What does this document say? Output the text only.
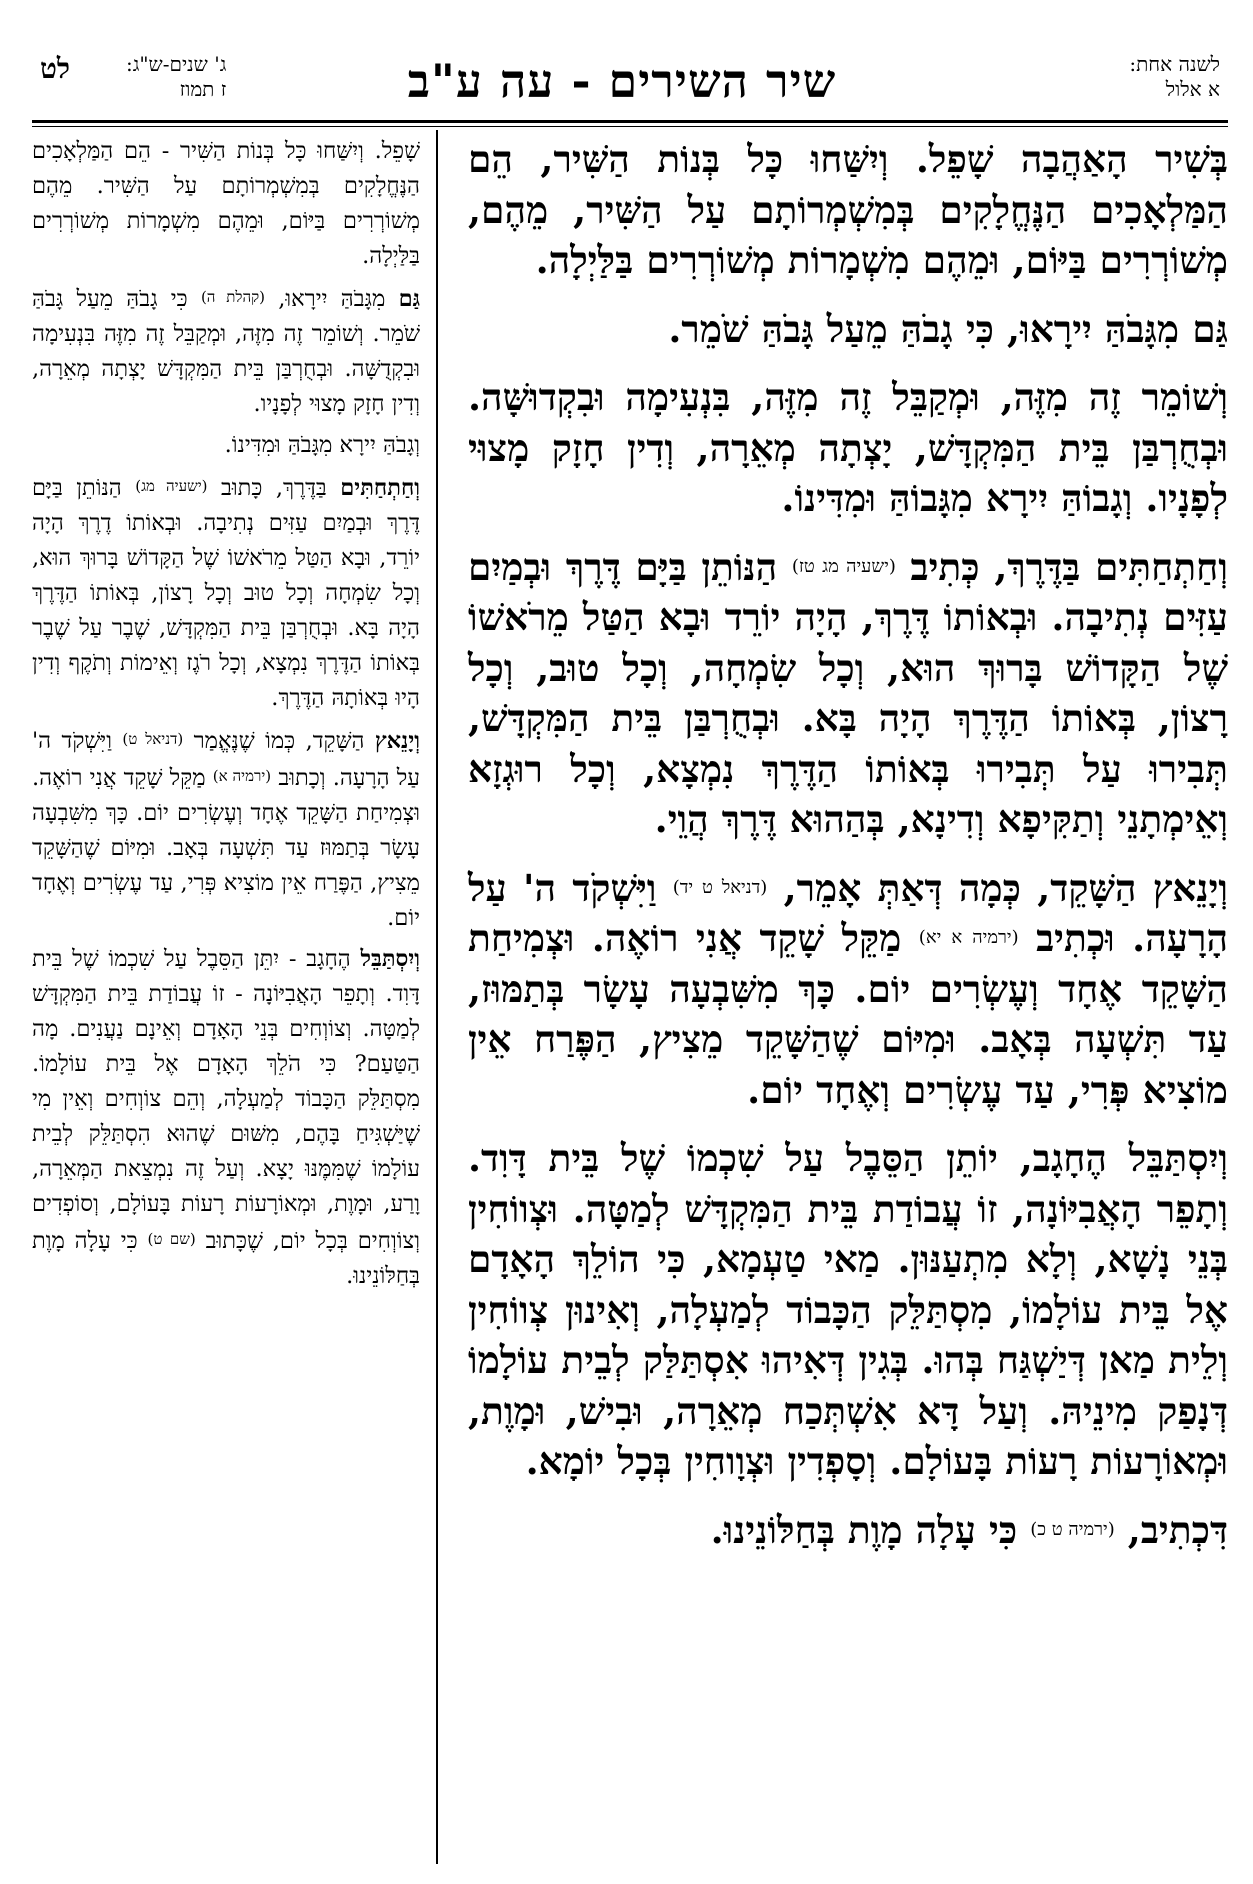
לשנה אחת:
א אלול
שיר השירים - עה ע"ב
ג' שנים-ש"ג:
ז תמוז
לט

בְּשִׁיר הָאַהֲבָה שָׁפֵל. וְיִשַּׁחוּ כָּל בְּנוֹת הַשִּׁיר, הֵם הַמַּלְאָכִים הַנֶּחֱלָקִים בְּמִשְׁמְרוֹתָם עַל הַשִּׁיר, מֵהֶם, מְשׁוֹרְרִים בַּיּוֹם, וּמֵהֶם מִשְׁמָרוֹת מְשׁוֹרְרִים בַּלַּיְלָה.

גַּם מִגָּבֹהַּ יִירָאוּ, כִּי גָבֹהַּ מֵעַל גָּבֹהַּ שֹׁמֵר.

וְשׁוֹמֵר זֶה מִזֶּה, וּמְקַבֵּל זֶה מִזֶּה, בִּנְעִימָה וּבִקְדוּשָּׁה. וּבְחֻרְבַּן בֵּית הַמִּקְדָּשׁ, יָצְתָה מְאֵרָה, וְדִין חָזָק מָצוּי לְפָנָיו. וְגָבוֹהַּ יִירָא מִגָּבוֹהַּ וּמִדִּינוֹ.

וְחַתְחַתִּים בַּדֶּרֶךְ, כְּתִיב $^{(ישעיה מג טז)}$ הַנּוֹתֵן בַּיָּם דֶּרֶךְ וּבְמַיִם עַזִּים נְתִיבָה. וּבְאוֹתוֹ דֶּרֶךְ, הָיָה יוֹרֵד וּבָא הַטַּל מֵרֹאשׁוֹ שֶׁל הַקָּדוֹשׁ בָּרוּךְ הוּא, וְכָל שִׂמְחָה, וְכָל טוּב, וְכָל רָצוֹן, בְּאוֹתוֹ הַדֶּרֶךְ הָיָה בָּא. וּבְחֻרְבַּן בֵּית הַמִּקְדָּשׁ, תְּבִירוּ עַל תְּבִירוּ בְּאוֹתוֹ הַדֶּרֶךְ נִמְצָא, וְכָל רוּגְזָא וְאֵימְתָנֵי וְתַקִּיפָא וְדִינָא, בְּהַהוּא דֶּרֶךְ הֲוֵי.

וְיָנֵאץ הַשָּׁקֵד, כְּמָה דְּאַתְּ אָמֵר, $^{(דניאל ט יד)}$ וַיִּשְׁקֹד ה' עַל הָרָעָה. וּכְתִיב $^{(ירמיה א יא)}$ מַקֵּל שָׁקֵד אֲנִי רוֹאֶה. וּצְמִיחַת הַשָּׁקֵד אֶחָד וְעֶשְׂרִים יוֹם. כָּךְ מִשִּׁבְעָה עָשָׂר בְּתַמּוּז, עַד תִּשְׁעָה בְּאָב. וּמִיּוֹם שֶׁהַשָּׁקֵד מֵצִיץ, הַפֶּרַח אֵין מוֹצִיא פְּרִי, עַד עֶשְׂרִים וְאֶחָד יוֹם.

וְיִסְתַּבֵּל הֶחָגָב, יוֹתֵן הַסֵּבֶל עַל שִׁכְמוֹ שֶׁל בֵּית דָּוִד. וְתָפֵר הָאֲבִיּוֹנָה, זוֹ עֲבוֹדַת בֵּית הַמִּקְדָּשׁ לְמַטָּה. וּצְווֹחִין בְּנֵי נָשָׁא, וְלָא מִתְעַנּוּן. מַאי טַעְמָא, כִּי הוֹלֵךְ הָאָדָם אֶל בֵּית עוֹלָמוֹ, מִסְתַּלֵּק הַכָּבוֹד לְמַעְלָה, וְאִינוּן צְווֹחִין וְלֵית מַאן דְּיַשְׁגַּח בְּהוּ. בְּגִין דְּאִיהוּ אִסְתַּלַּק לְבֵית עוֹלָמוֹ דְּנָפַק מִינֵיהּ. וְעַל דָּא אִשְׁתְּכַח מְאֵרָה, וּבִישׁ, וּמָוֶת, וּמְאוֹרָעוֹת רָעוֹת בָּעוֹלָם. וְסָפְדִין וּצְוָוחִין בְּכָל יוֹמָא.

דִּכְתִיב, $^{(ירמיה ט כ)}$ כִּי עָלָה מָוֶת בְּחַלּוֹנֵינוּ.

שָׁפֵל. וְיִשַּׁחוּ כָּל בְּנוֹת הַשִּׁיר - הֵם הַמַּלְאָכִים הַנֶּחֱלָקִים בְּמִשְׁמְרוֹתָם עַל הַשִּׁיר. מֵהֶם מְשׁוֹרְרִים בַּיּוֹם, וּמֵהֶם מִשְׁמָרוֹת מְשׁוֹרְרִים בַּלַּיְלָה.

גַּם מִגָּבֹהַּ יִירָאוּ, (קהלת ה) כִּי גָבֹהַּ מֵעַל גָּבֹהַּ שֹׁמֵר. וְשׁוֹמֵר זֶה מִזֶּה, וּמְקַבֵּל זֶה מִזֶּה בִּנְעִימָה וּבִקְדֻשָּׁה. וּבְחֻרְבַּן בֵּית הַמִּקְדָּשׁ יָצְתָה מְאֵרָה, וְדִין חָזָק מָצוּי לְפָנָיו.

וְגָבֹהַּ יִירָא מִגָּבֹהַּ וּמִדִּינוֹ.

וְחַתְחַתִּים בַּדֶּרֶךְ, כָּתוּב (ישעיה מג) הַנּוֹתֵן בַּיָּם דֶּרֶךְ וּבְמַיִם עַזִּים נְתִיבָה. וּבְאוֹתוֹ דֶרֶךְ הָיָה יוֹרֵד, וּבָא הַטַּל מֵרֹאשׁוֹ שֶׁל הַקָּדוֹשׁ בָּרוּךְ הוּא, וְכָל שִׂמְחָה וְכָל טוּב וְכָל רָצוֹן, בְּאוֹתוֹ הַדֶּרֶךְ הָיָה בָּא. וּבְחֻרְבַּן בֵּית הַמִּקְדָּשׁ, שֶׁבֶר עַל שֶׁבֶר בְּאוֹתוֹ הַדֶּרֶךְ נִמְצָא, וְכָל רֹגֶז וְאֵימוֹת וְתֹקֶף וְדִין הָיוּ בְּאוֹתָהּ הַדֶּרֶךְ.

וְיָנֵאץ הַשָּׁקֵד, כְּמוֹ שֶׁנֶּאֱמַר (דניאל ט) וַיִּשְׁקֹד ה' עַל הָרָעָה. וְכָתוּב (ירמיה א) מַקֵּל שָׁקֵד אֲנִי רוֹאֶה. וּצְמִיחַת הַשָּׁקֵד אֶחָד וְעֶשְׂרִים יוֹם. כָּךְ מִשִּׁבְעָה עָשָׂר בְּתַמּוּז עַד תִּשְׁעָה בְּאָב. וּמִיּוֹם שֶׁהַשָּׁקֵד מֵצִיץ, הַפֶּרַח אֵין מוֹצִיא פְּרִי, עַד עֶשְׂרִים וְאֶחָד יוֹם.

וְיִסְתַּבֵּל הֶחָגָב - יִתֵּן הַסֵּבֶל עַל שִׁכְמוֹ שֶׁל בֵּית דָּוִד. וְתָפֵר הָאֲבִיּוֹנָה - זוֹ עֲבוֹדַת בֵּית הַמִּקְדָּשׁ לְמַטָּה. וְצוֹוְחִים בְּנֵי הָאָדָם וְאֵינָם נַעֲנִים. מָה הַטַּעַם? כִּי הֹלֵךְ הָאָדָם אֶל בֵּית עוֹלָמוֹ. מִסְתַּלֵּק הַכָּבוֹד לְמַעְלָה, וְהֵם צוֹוְחִים וְאֵין מִי שֶׁיַּשְׁגִּיחַ בָּהֶם, מִשּׁוּם שֶׁהוּא הִסְתַּלֵּק לְבֵית עוֹלָמוֹ שֶׁמִּמֶּנּוּ יָצָא. וְעַל זֶה נִמְצֵאת הַמְּאֵרָה, וָרַע, וּמָוֶת, וּמְאוֹרָעוֹת רָעוֹת בָּעוֹלָם, וְסוֹפְדִים וְצוֹוְחִים בְּכָל יוֹם, שֶׁכָּתוּב (שם ט) כִּי עָלָה מָוֶת בְּחַלּוֹנֵינוּ.
